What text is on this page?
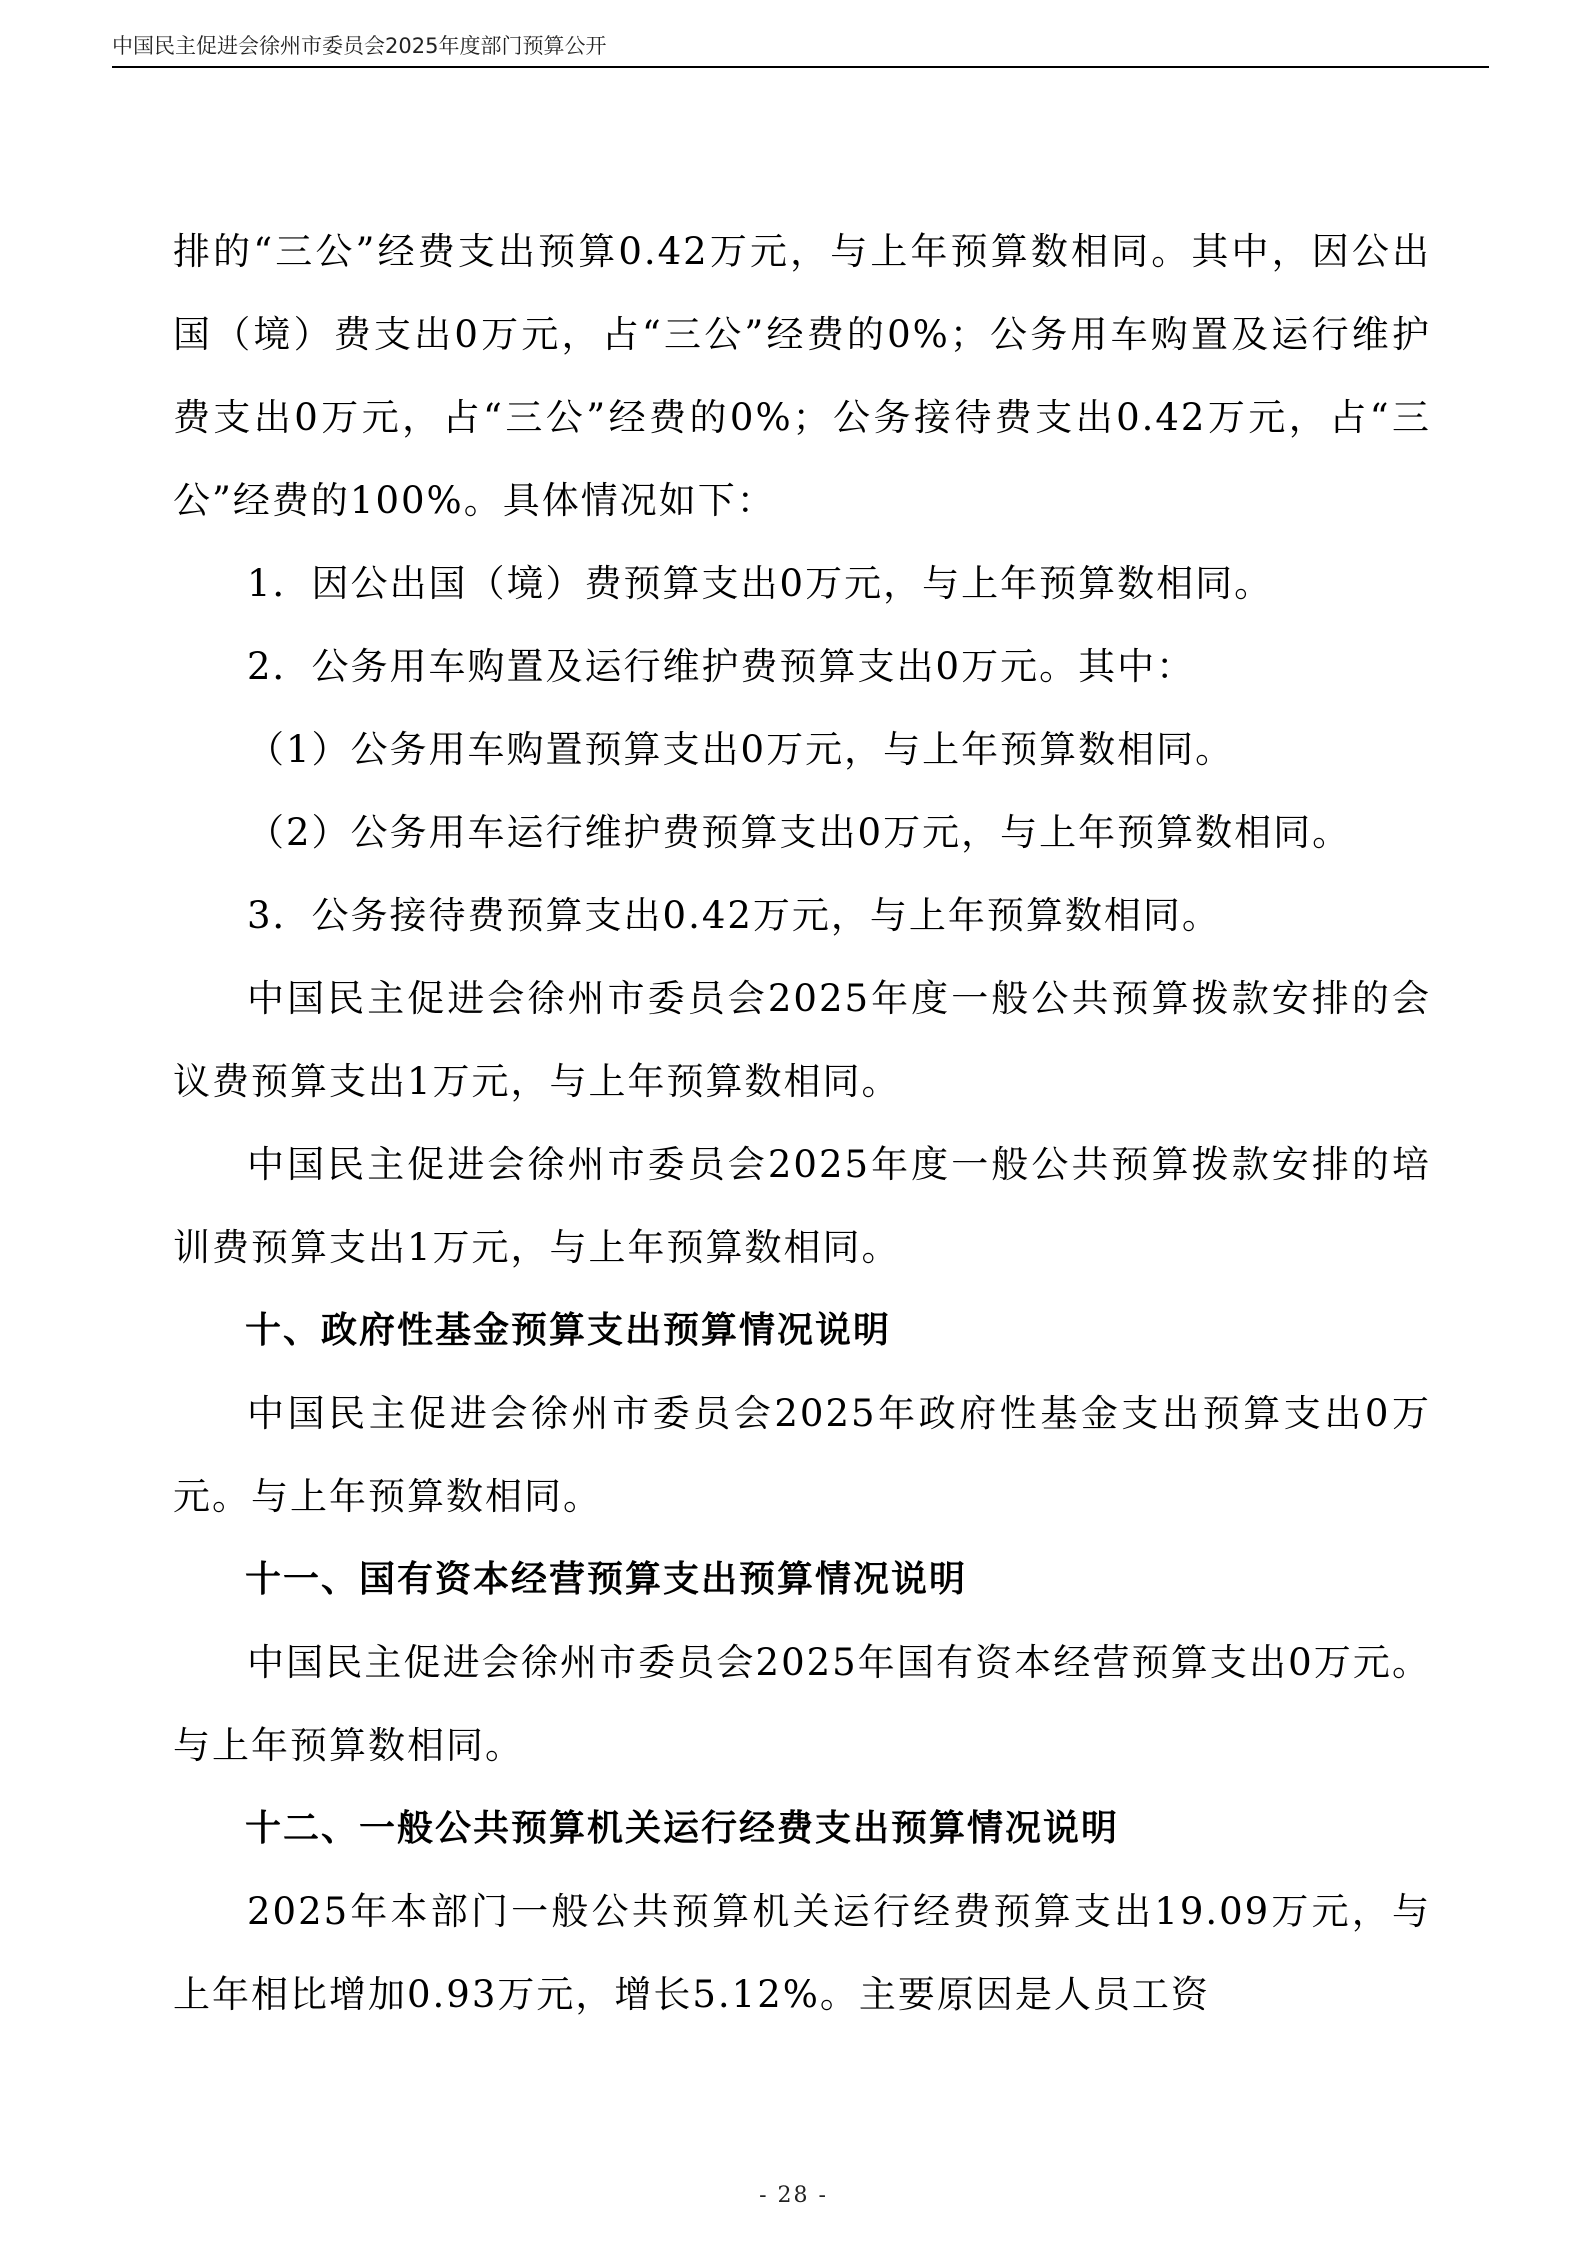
中国民主促进会徐州市委员会2025年度部门预算公开

排的“三公”经费支出预算0.42万元，与上年预算数相同。其中，因公出国（境）费支出0万元，占“三公”经费的0%；公务用车购置及运行维护费支出0万元，占“三公”经费的0%；公务接待费支出0.42万元，占“三公”经费的100%。具体情况如下：

1．因公出国（境）费预算支出0万元，与上年预算数相同。

2．公务用车购置及运行维护费预算支出0万元。其中：

（1）公务用车购置预算支出0万元，与上年预算数相同。

（2）公务用车运行维护费预算支出0万元，与上年预算数相同。

3．公务接待费预算支出0.42万元，与上年预算数相同。

中国民主促进会徐州市委员会2025年度一般公共预算拨款安排的会议费预算支出1万元，与上年预算数相同。

中国民主促进会徐州市委员会2025年度一般公共预算拨款安排的培训费预算支出1万元，与上年预算数相同。

十、政府性基金预算支出预算情况说明

中国民主促进会徐州市委员会2025年政府性基金支出预算支出0万元。与上年预算数相同。

十一、国有资本经营预算支出预算情况说明

中国民主促进会徐州市委员会2025年国有资本经营预算支出0万元。与上年预算数相同。

十二、一般公共预算机关运行经费支出预算情况说明

2025年本部门一般公共预算机关运行经费预算支出19.09万元，与上年相比增加0.93万元，增长5.12%。主要原因是人员工资

- 28 -
